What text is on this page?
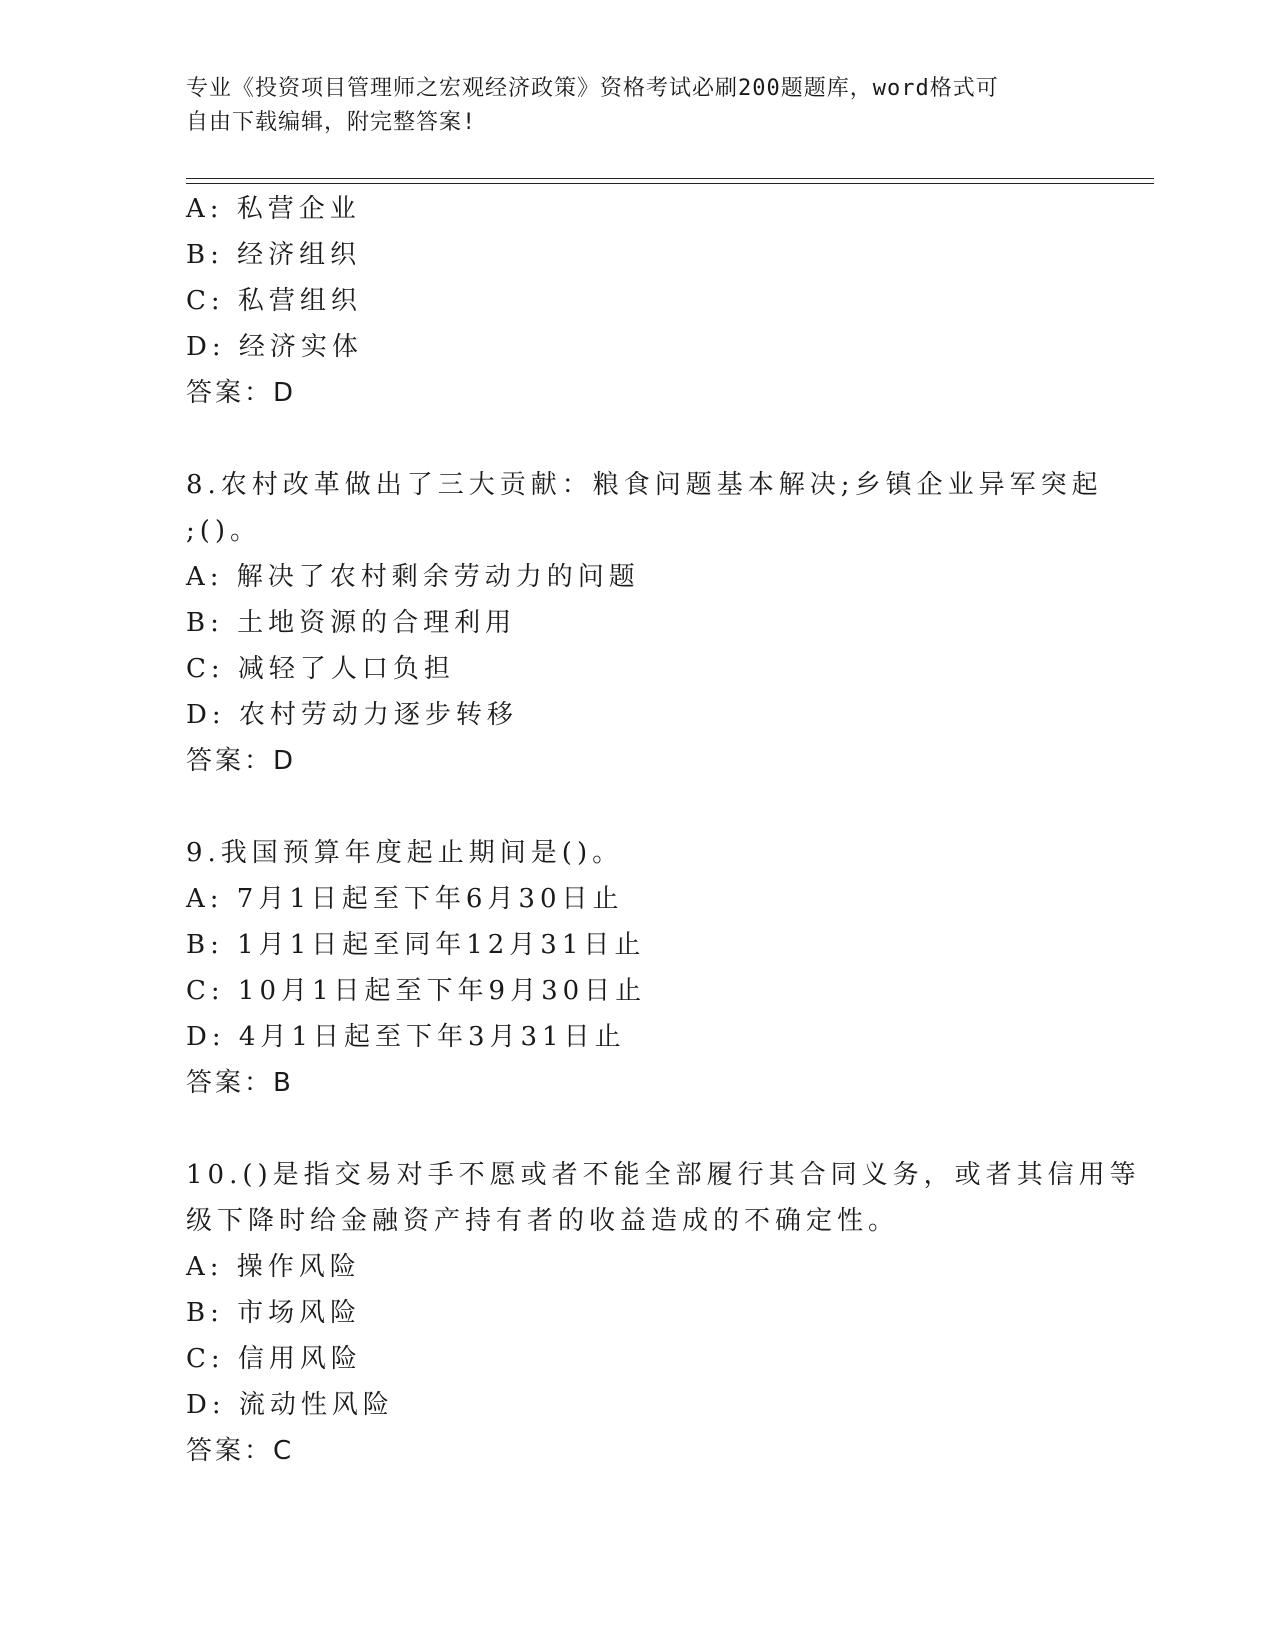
专业《投资项目管理师之宏观经济政策》资格考试必刷200题题库，word格式可
自由下载编辑，附完整答案!
A: 私营企业
B: 经济组织
C: 私营组织
D: 经济实体
答案：D
8.农村改革做出了三大贡献：粮食问题基本解决;乡镇企业异军突起
;()。
A: 解决了农村剩余劳动力的问题
B: 土地资源的合理利用
C: 减轻了人口负担
D: 农村劳动力逐步转移
答案：D
9.我国预算年度起止期间是()。
A: 7月1日起至下年6月30日止
B: 1月1日起至同年12月31日止
C: 10月1日起至下年9月30日止
D: 4月1日起至下年3月31日止
答案：B
10.()是指交易对手不愿或者不能全部履行其合同义务，或者其信用等
级下降时给金融资产持有者的收益造成的不确定性。
A: 操作风险
B: 市场风险
C: 信用风险
D: 流动性风险
答案：C
